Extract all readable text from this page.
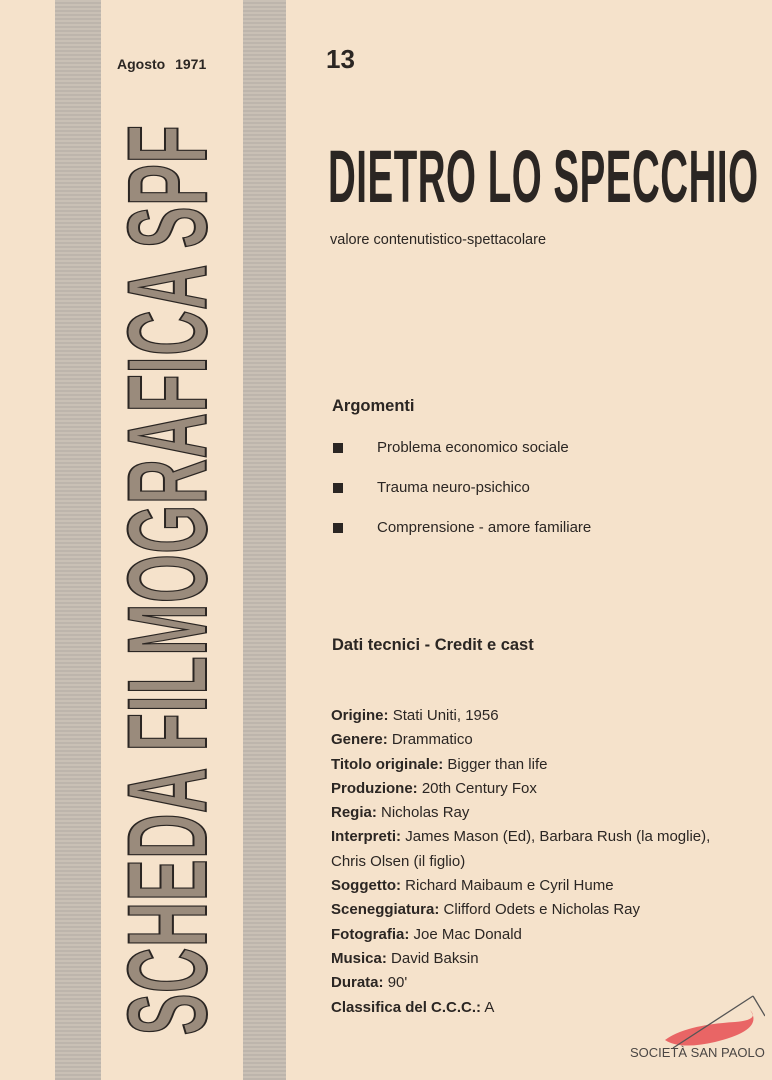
Agosto 1971	13
SCHEDA FILMOGRAFICA SPF DIETRO LO SPECCHIO
valore contenutistico-spettacolare
Argomenti
Problema economico sociale
Trauma neuro-psichico
Comprensione - amore familiare
Dati tecnici - Credit e cast
Origine: Stati Uniti, 1956
Genere: Drammatico
Titolo originale: Bigger than life
Produzione: 20th Century Fox
Regia: Nicholas Ray
Interpreti: James Mason (Ed), Barbara Rush (la moglie), Chris Olsen (il figlio)
Soggetto: Richard Maibaum e Cyril Hume
Sceneggiatura: Clifford Odets e Nicholas Ray
Fotografia: Joe Mac Donald
Musica: David Baksin
Durata: 90'
Classifica del C.C.C.: A
SOCIETÀ SAN PAOLO
